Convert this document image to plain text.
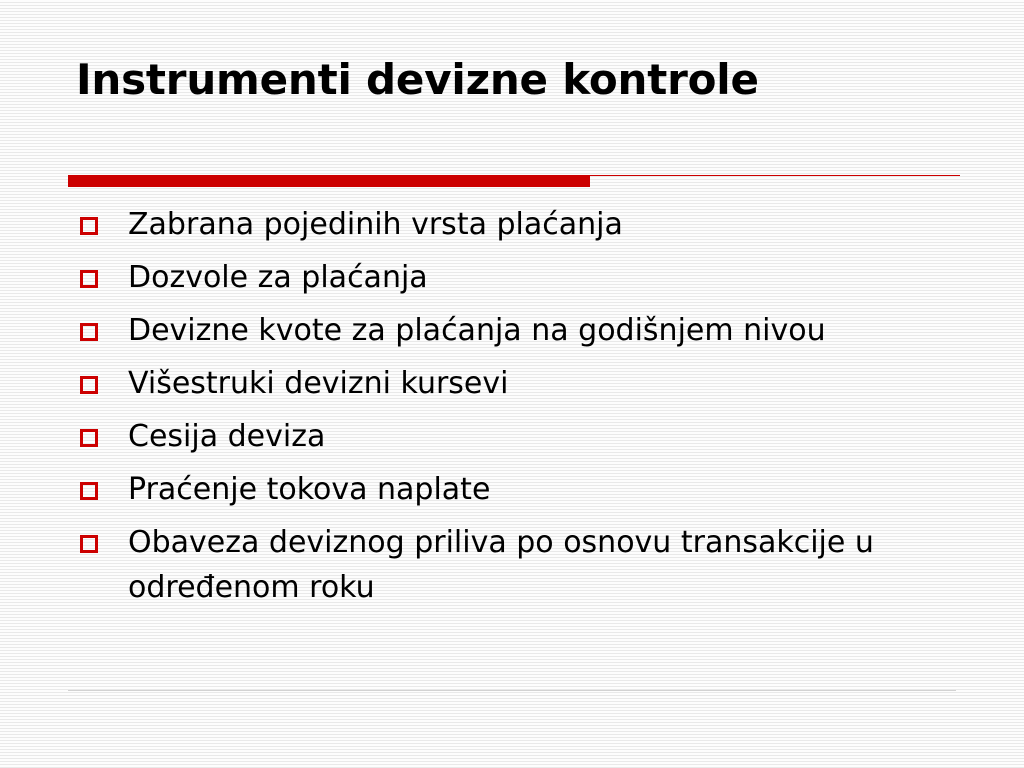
Instrumenti devizne kontrole
Zabrana pojedinih vrsta plaćanja
Dozvole za plaćanja
Devizne kvote za plaćanja na godišnjem nivou
Višestruki devizni kursevi
Cesija deviza
Praćenje tokova naplate
Obaveza deviznog priliva po osnovu transakcije u određenom roku
